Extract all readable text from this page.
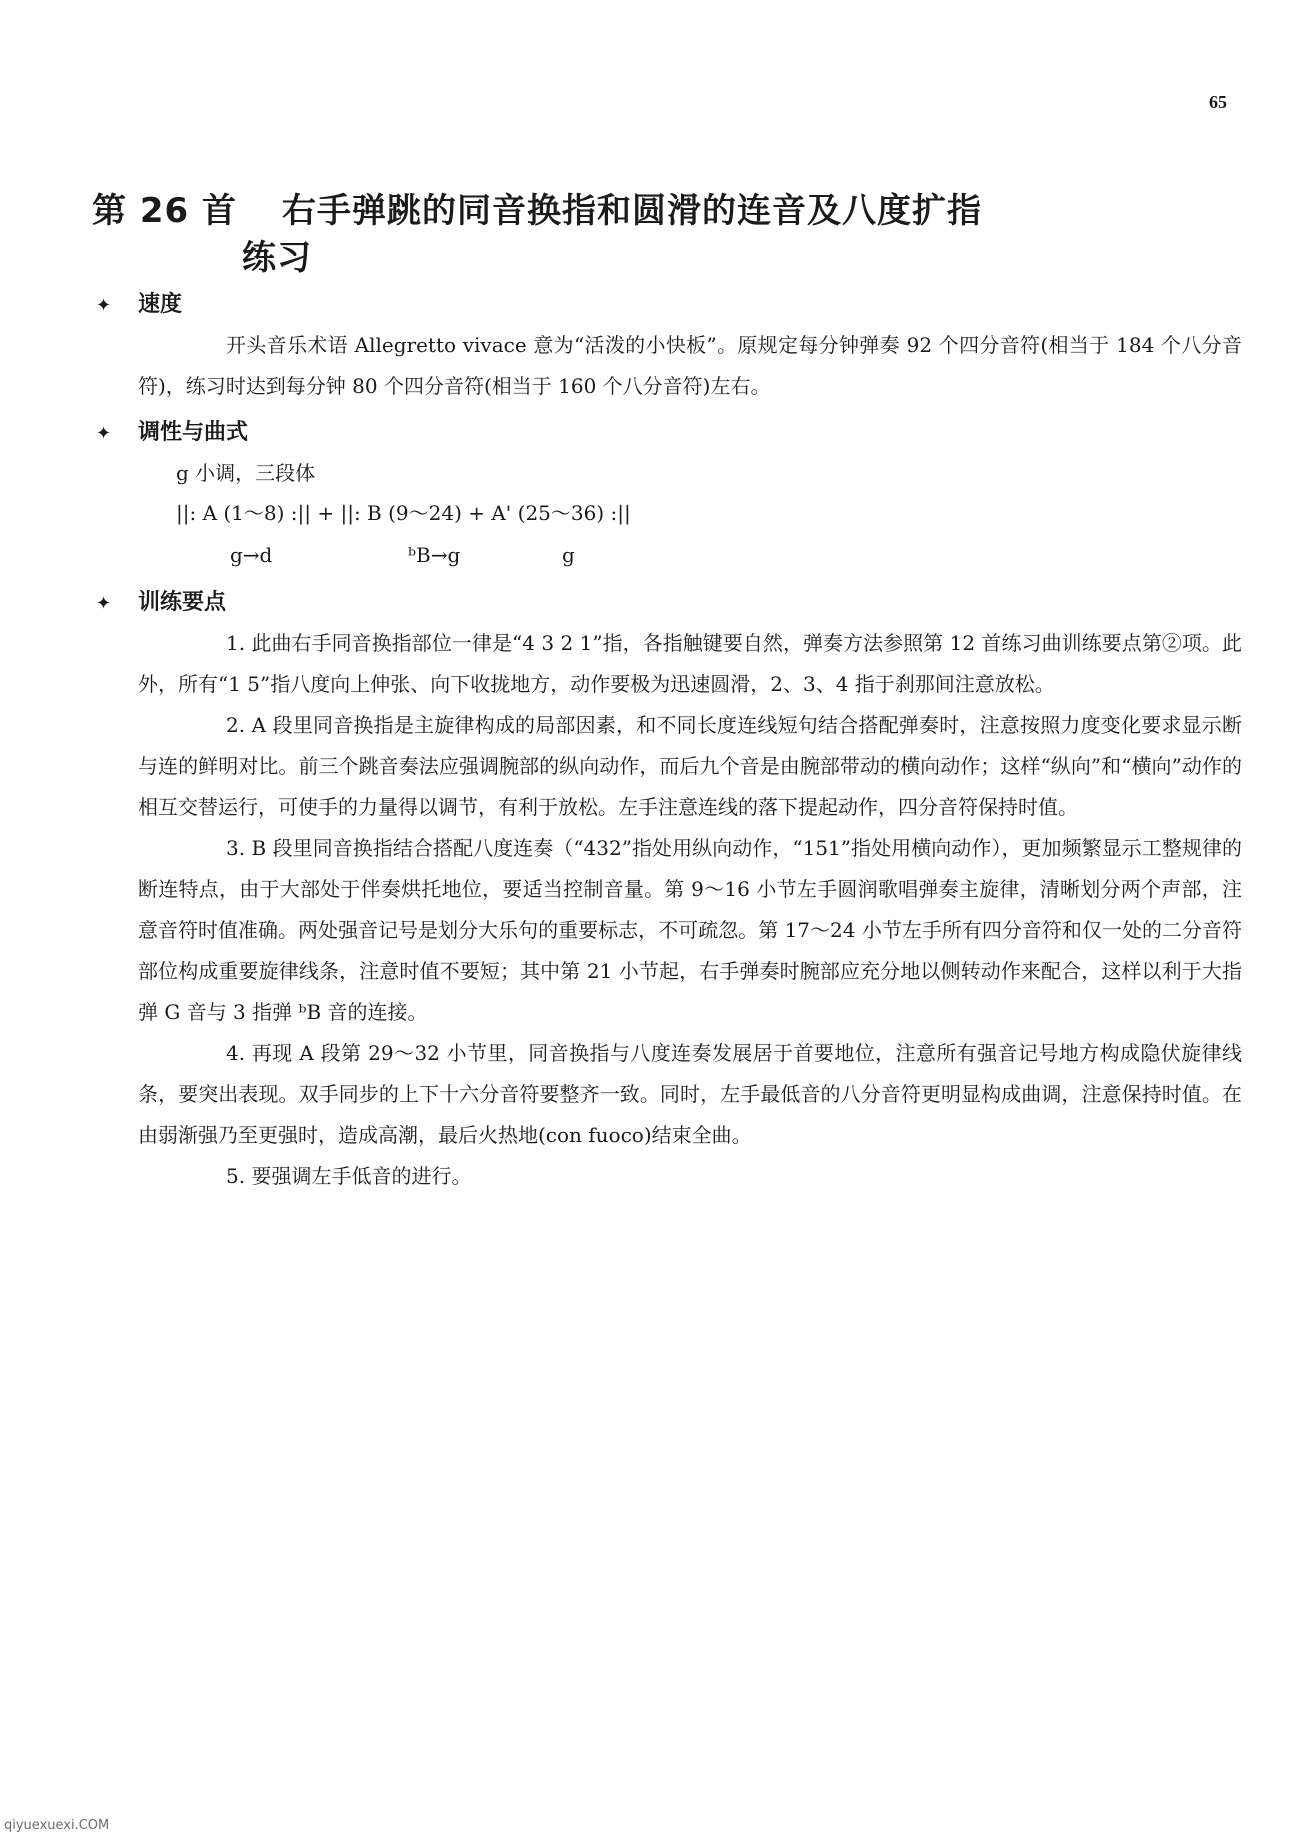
65
第 26 首 右手弹跳的同音换指和圆滑的连音及八度扩指
练习
✦ 速度

开头音乐术语 Allegretto vivace 意为“活泼的小快板”。原规定每分钟弹奏 92 个四分音符(相当于 184 个八分音符)，练习时达到每分钟 80 个四分音符(相当于 160 个八分音符)左右。

✦ 调性与曲式
g 小调，三段体
||: A (1～8) :|| + ||: B (9～24) + A' (25～36) :||
g→d	ᵇB→g	g
✦ 训练要点

1. 此曲右手同音换指部位一律是“4 3 2 1”指，各指触键要自然，弹奏方法参照第 12 首练习曲训练要点第②项。此外，所有“1 5”指八度向上伸张、向下收拢地方，动作要极为迅速圆滑，2、3、4 指于刹那间注意放松。

2. A 段里同音换指是主旋律构成的局部因素，和不同长度连线短句结合搭配弹奏时，注意按照力度变化要求显示断与连的鲜明对比。前三个跳音奏法应强调腕部的纵向动作，而后九个音是由腕部带动的横向动作；这样“纵向”和“横向”动作的相互交替运行，可使手的力量得以调节，有利于放松。左手注意连线的落下提起动作，四分音符保持时值。

3. B 段里同音换指结合搭配八度连奏（“432”指处用纵向动作，“151”指处用横向动作），更加频繁显示工整规律的断连特点，由于大部处于伴奏烘托地位，要适当控制音量。第 9～16 小节左手圆润歌唱弹奏主旋律，清晰划分两个声部，注意音符时值准确。两处强音记号是划分大乐句的重要标志，不可疏忽。第 17～24 小节左手所有四分音符和仅一处的二分音符部位构成重要旋律线条，注意时值不要短；其中第 21 小节起，右手弹奏时腕部应充分地以侧转动作来配合，这样以利于大指弹 G 音与 3 指弹 ᵇB 音的连接。

4. 再现 A 段第 29～32 小节里，同音换指与八度连奏发展居于首要地位，注意所有强音记号地方构成隐伏旋律线条，要突出表现。双手同步的上下十六分音符要整齐一致。同时，左手最低音的八分音符更明显构成曲调，注意保持时值。在由弱渐强乃至更强时，造成高潮，最后火热地(con fuoco)结束全曲。

5. 要强调左手低音的进行。

qiyuexuexi.COM
